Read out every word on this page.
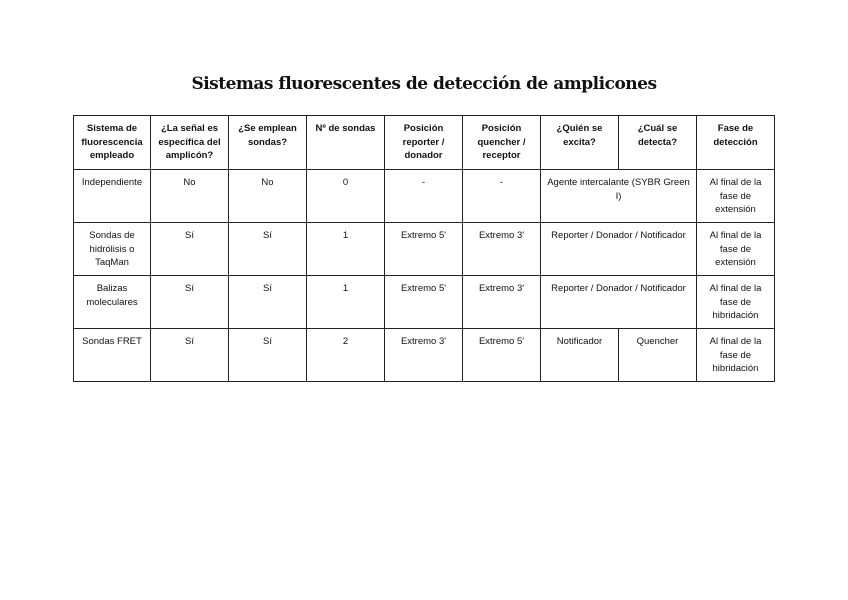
Sistemas fluorescentes de detección de amplicones
Sistema de fluorescencia empleado	¿La señal es específica del amplicón?	¿Se emplean sondas?	Nº de sondas	Posición reporter / donador	Posición quencher / receptor	¿Quién se excita?	¿Cuál se detecta?	Fase de detección
Independiente	No	No	0	-	-	Agente intercalante (SYBR Green I)		Al final de la fase de extensión
Sondas de hidrólisis o TaqMan	Sí	Sí	1	Extremo 5'	Extremo 3'	Reporter / Donador / Notificador		Al final de la fase de extensión
Balizas moleculares	Sí	Sí	1	Extremo 5'	Extremo 3'	Reporter / Donador / Notificador		Al final de la fase de hibridación
Sondas FRET	Sí	Sí	2	Extremo 3'	Extremo 5'	Notificador	Quencher	Al final de la fase de hibridación
